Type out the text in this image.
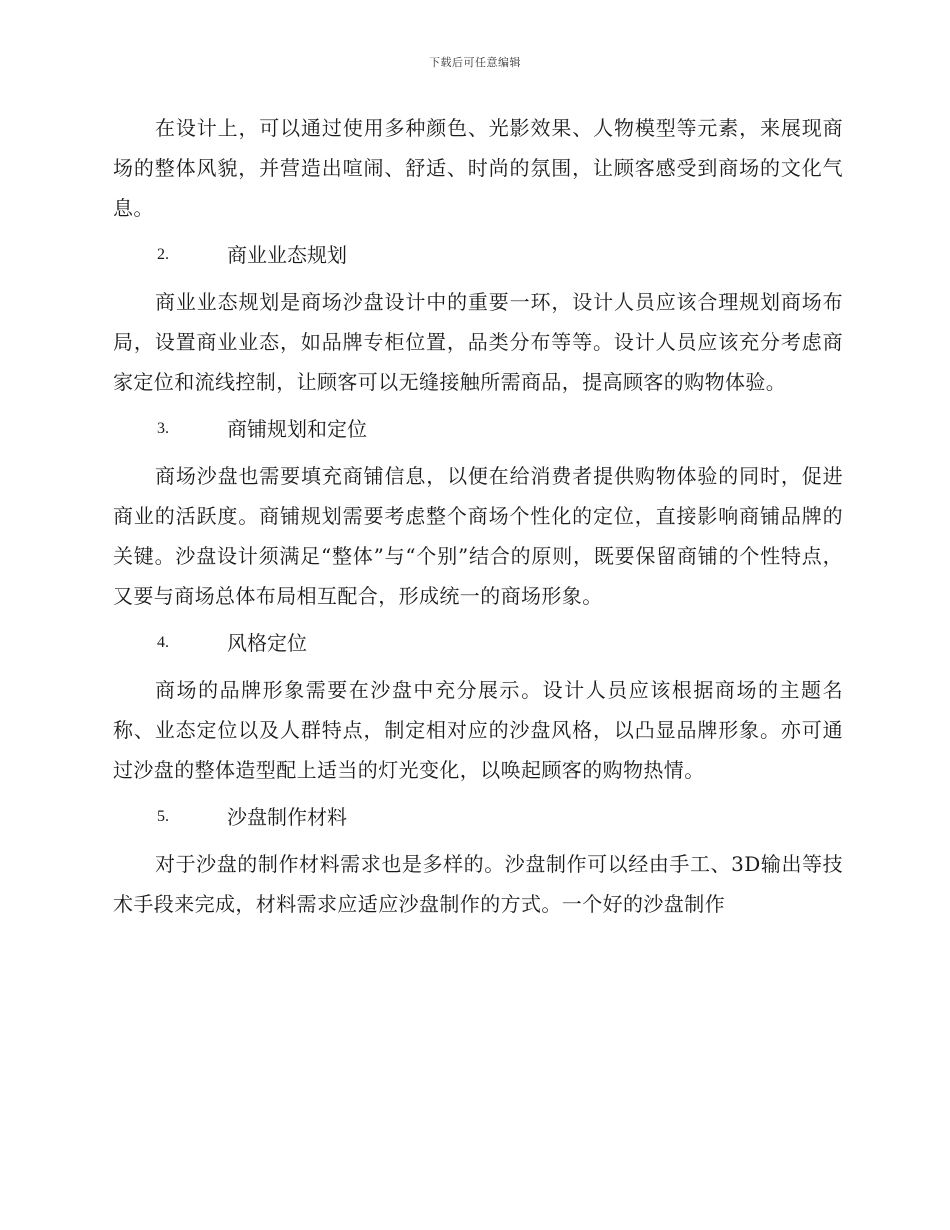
下载后可任意编辑

在设计上，可以通过使用多种颜色、光影效果、人物模型等元素，来展现商场的整体风貌，并营造出喧闹、舒适、时尚的氛围，让顾客感受到商场的文化气息。

2.	商业业态规划

商业业态规划是商场沙盘设计中的重要一环，设计人员应该合理规划商场布局，设置商业业态，如品牌专柜位置，品类分布等等。设计人员应该充分考虑商家定位和流线控制，让顾客可以无缝接触所需商品，提高顾客的购物体验。

3.	商铺规划和定位

商场沙盘也需要填充商铺信息，以便在给消费者提供购物体验的同时，促进商业的活跃度。商铺规划需要考虑整个商场个性化的定位，直接影响商铺品牌的关键。沙盘设计须满足“整体”与“个别”结合的原则，既要保留商铺的个性特点，又要与商场总体布局相互配合，形成统一的商场形象。

4.	风格定位

商场的品牌形象需要在沙盘中充分展示。设计人员应该根据商场的主题名称、业态定位以及人群特点，制定相对应的沙盘风格，以凸显品牌形象。亦可通过沙盘的整体造型配上适当的灯光变化，以唤起顾客的购物热情。

5.	沙盘制作材料

对于沙盘的制作材料需求也是多样的。沙盘制作可以经由手工、3D输出等技术手段来完成，材料需求应适应沙盘制作的方式。一个好的沙盘制作
